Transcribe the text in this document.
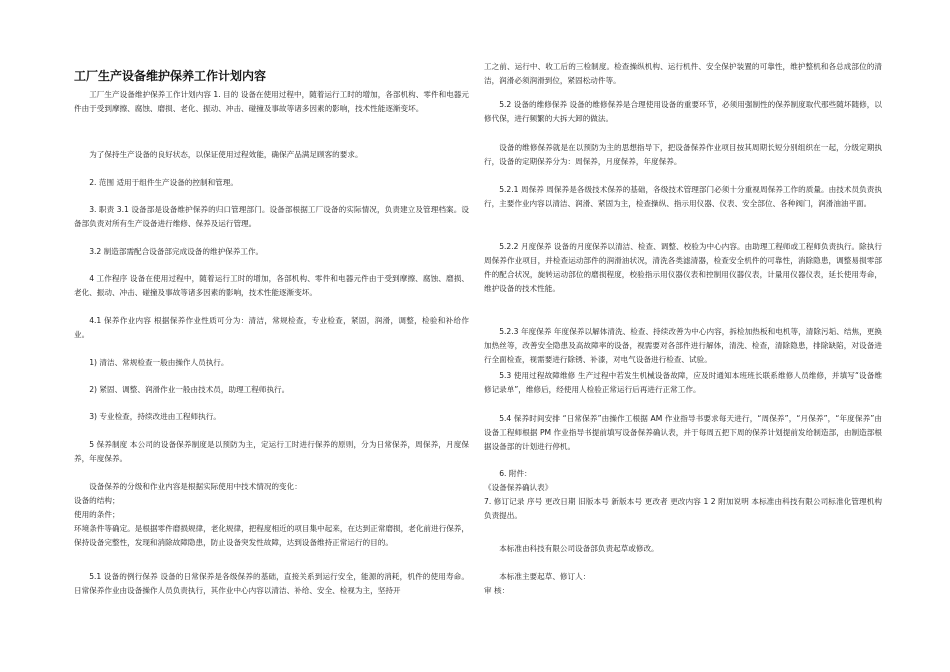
工厂生产设备维护保养工作计划内容
工厂生产设备维护保养工作计划内容 1. 目的 设备在使用过程中，随着运行工时的增加，各部机构、零件和电器元件由于受到摩擦、腐蚀、磨损、老化、振动、冲击、碰撞及事故等诸多因素的影响，技术性能逐渐变坏。
为了保持生产设备的良好状态，以保证使用过程效能，确保产品满足顾客的要求。
2. 范围 适用于组件生产设备的控制和管理。
3. 职责 3.1 设备部是设备维护保养的归口管理部门。设备部根据工厂设备的实际情况，负责建立及管理档案。设备部负责对所有生产设备进行维修、保养及运行管理。
3.2 制造部需配合设备部完成设备的维护保养工作。
4 工作程序 设备在使用过程中，随着运行工时的增加，各部机构、零件和电器元件由于受到摩擦、腐蚀、磨损、老化、振动、冲击、碰撞及事故等诸多因素的影响，技术性能逐渐变坏。
4.1 保养作业内容 根据保养作业性质可分为：清洁，常规检查，专业检查，紧固，润滑，调整，检验和补给作业。
1) 清洁、常规检查一般由操作人员执行。
2) 紧固、调整、润滑作业一般由技术员，助理工程师执行。
3) 专业检查，持续改进由工程师执行。
5 保养制度 本公司的设备保养制度是以预防为主，定运行工时进行保养的原则，分为日常保养，周保养，月度保养，年度保养。
设备保养的分级和作业内容是根据实际使用中技术情况的变化：
设备的结构；
使用的条件；
环境条件等确定。是根据零件磨损规律，老化规律，把程度相近的项目集中起来，在达到正常磨损，老化前进行保养，保持设备完整性，发现和消除故障隐患，防止设备突发性故障，达到设备维持正常运行的目的。
5.1 设备的例行保养 设备的日常保养是各级保养的基础，直接关系到运行安全，能源的消耗，机件的使用寿命。日常保养作业由设备操作人员负责执行，其作业中心内容以清洁、补给、安全、检视为主，坚持开
工之前、运行中、收工后的三检制度。检查操纵机构、运行机件、安全保护装置的可靠性，维护整机和各总成部位的清洁，润滑必须润滑到位，紧固松动件等。
5.2 设备的维修保养 设备的维修保养是合理使用设备的重要环节，必须用强制性的保养制度取代那些随坏随修，以修代保，进行频繁的大拆大卸的做法。
设备的维修保养就是在以预防为主的思想指导下，把设备保养作业项目按其周期长短分别组织在一起，分级定期执行，设备的定期保养分为：周保养，月度保养，年度保养。
5.2.1 周保养 周保养是各级技术保养的基础，各级技术管理部门必须十分重视周保养工作的质量。由技术员负责执行，主要作业内容以清洁、润滑、紧固为主，检查操纵、指示用仪器、仪表、安全部位、各种阀门，润滑油油平面。
5.2.2 月度保养 设备的月度保养以清洁、检查、调整、校验为中心内容。由助理工程师或工程师负责执行。除执行周保养作业项目，并检查运动部件的润滑油状况，清洗各类滤清器，检查安全机件的可靠性，消除隐患，调整易损零部件的配合状况，旋转运动部位的磨损程度，校验指示用仪器仪表和控制用仪器仪表，计量用仪器仪表，延长使用寿命，维护设备的技术性能。
5.2.3 年度保养 年度保养以解体清洗、检查、持续改善为中心内容，拆检加热板和电机等，清除污垢、结焦，更换加热丝等，改善安全隐患及高故障率的设备，视需要对各部件进行解体，清洗、检查，清除隐患，排除缺陷，对设备进行全面检查，视需要进行除锈、补漆，对电气设备进行检查、试验。
5.3 使用过程故障维修 生产过程中若发生机械设备故障，应及时通知本班班长联系维修人员维修，并填写“设备维修记录单”，维修后，经使用人检验正常运行后再进行正常工作。
5.4 保养时间安排 “日常保养”由操作工根据 AM 作业指导书要求每天进行，“周保养”，“月保养”，“年度保养”由设备工程师根据 PM 作业指导书提前填写设备保养确认表，并于每周五把下周的保养计划提前发给制造部，由制造部根据设备部的计划进行停机。
6. 附件：
《设备保养确认表》
7. 修订记录 序号 更改日期 旧版本号 新版本号 更改者 更改内容 1 2 附加说明 本标准由科技有限公司标准化管理机构负责提出。
本标准由科技有限公司设备部负责起草或修改。
本标准主要起草、修订人：
审 核：
